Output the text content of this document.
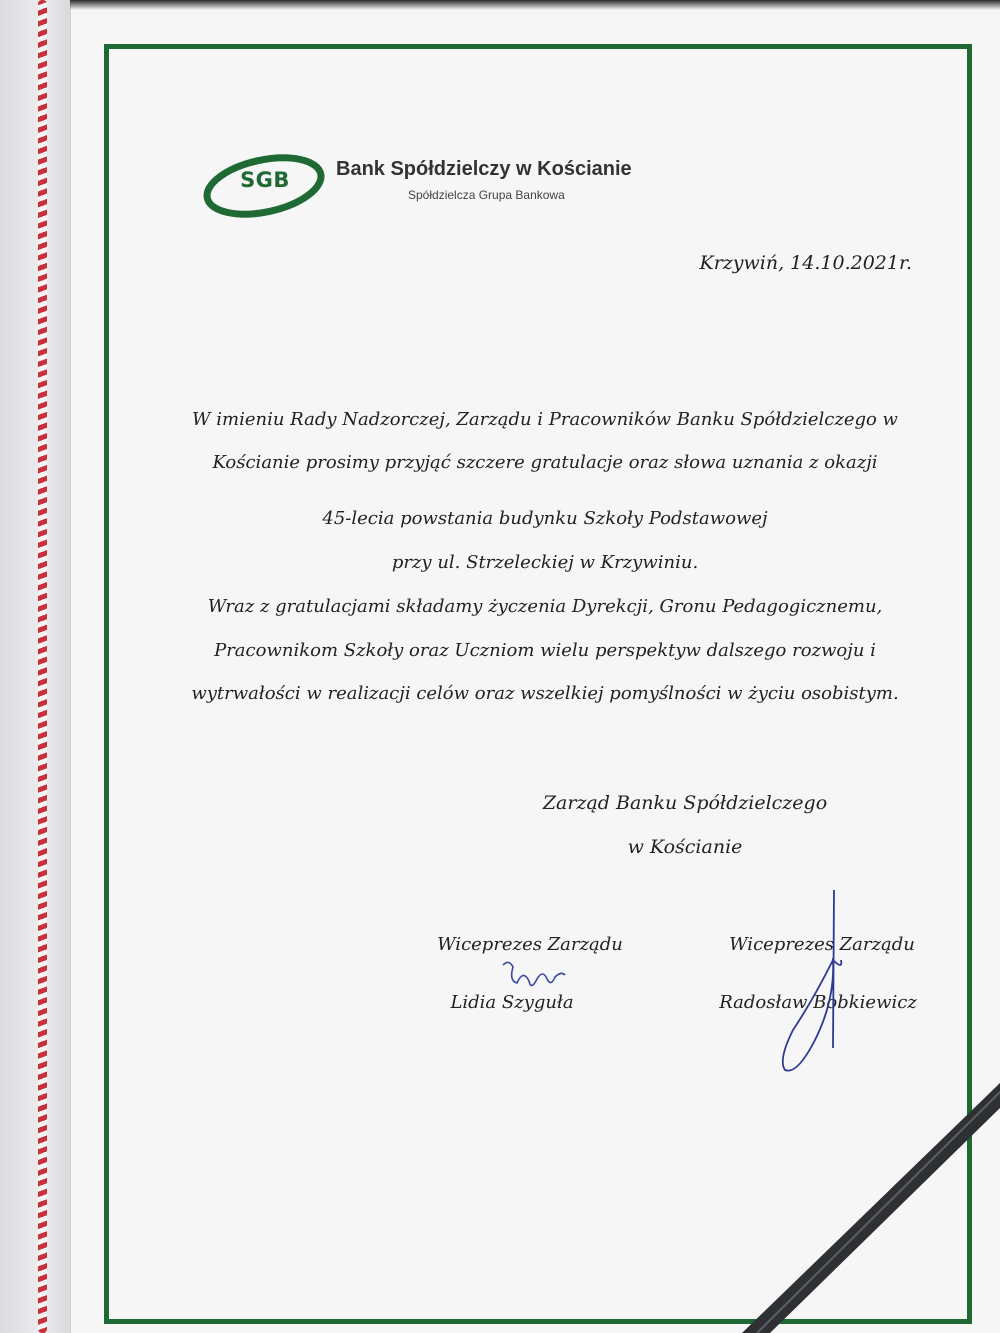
SGB	Bank Spółdzielczy w Kościanie
Spółdzielcza Grupa Bankowa
Krzywiń, 14.10.2021r.
W imieniu Rady Nadzorczej, Zarządu i Pracowników Banku Spółdzielczego w
Kościanie prosimy przyjąć szczere gratulacje oraz słowa uznania z okazji
45-lecia powstania budynku Szkoły Podstawowej
przy ul. Strzeleckiej w Krzywiniu.
Wraz z gratulacjami składamy życzenia Dyrekcji, Gronu Pedagogicznemu,
Pracownikom Szkoły oraz Uczniom wielu perspektyw dalszego rozwoju i
wytrwałości w realizacji celów oraz wszelkiej pomyślności w życiu osobistym.
Zarząd Banku Spółdzielczego
w Kościanie
Wiceprezes Zarządu
Lidia Szyguła
Wiceprezes Zarządu
Radosław Bobkiewicz
